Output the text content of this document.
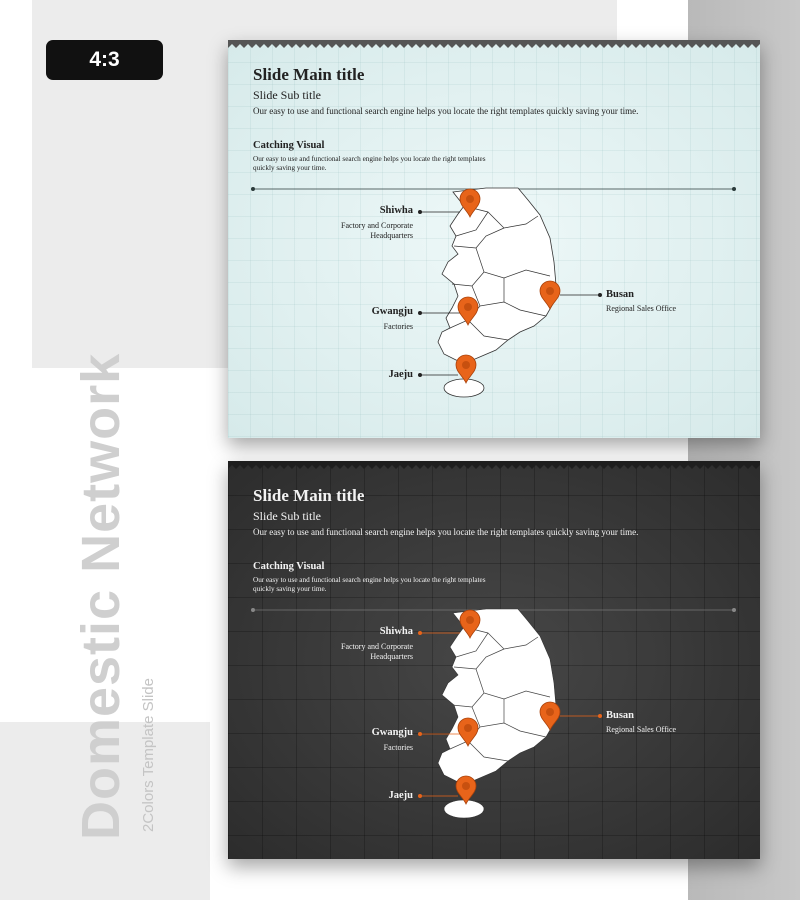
4:3
Domestic Network 2Colors Template Slide
Slide Main title
Slide Sub title
Our easy to use and functional search engine helps you locate the right templates quickly saving your time.
Catching Visual
Our easy to use and functional search engine helps you locate the right templates quickly saving your time.
Shiwha
Factory and Corporate Headquarters
Gwangju
Factories
Jaeju
Busan
Regional Sales Office
Slide Main title
Slide Sub title
Our easy to use and functional search engine helps you locate the right templates quickly saving your time.
Catching Visual
Our easy to use and functional search engine helps you locate the right templates quickly saving your time.
Shiwha
Factory and Corporate Headquarters
Gwangju
Factories
Jaeju
Busan
Regional Sales Office
